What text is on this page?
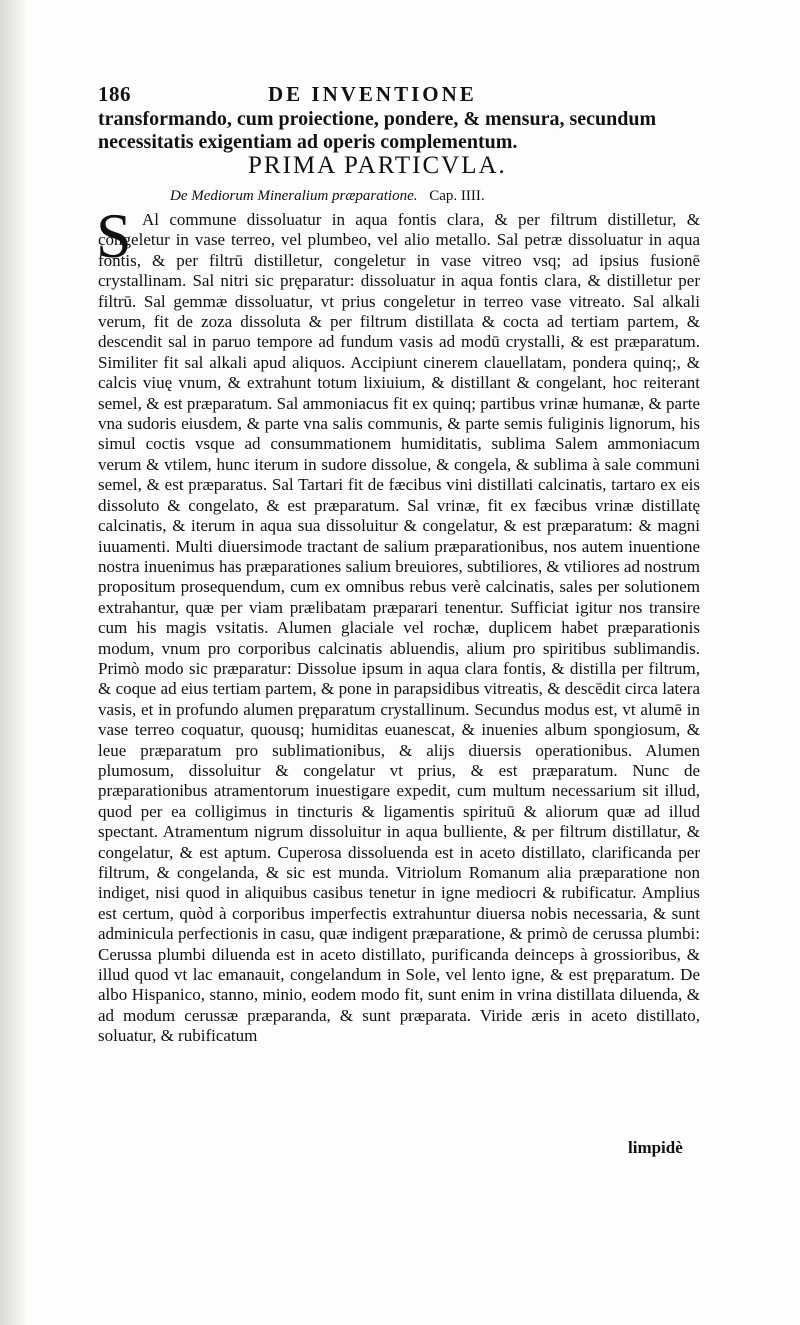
186	DE INVENTIONE
transformando, cum proiectione, pondere, & mensura, secundum necessitatis exigentiam ad operis complementum.
PRIMA PARTICVLA.
De Mediorum Mineralium præparatione. Cap. IIII.
S Al commune dissoluatur in aqua fontis clara, & per filtrum distilletur, & congeletur in vase terreo, vel plumbeo, vel alio metallo. Sal petræ dissoluatur in aqua fontis, & per filtrū distilletur, congeletur in vase vitreo vsq; ad ipsius fusionē crystallinam. Sal nitri sic pręparatur: dissoluatur in aqua fontis clara, & distilletur per filtrū. Sal gemmæ dissoluatur, vt prius congeletur in terreo vase vitreato. Sal alkali verum, fit de zoza dissoluta & per filtrum distillata & cocta ad tertiam partem, & descendit sal in paruo tempore ad fundum vasis ad modū crystalli, & est præparatum. Similiter fit sal alkali apud aliquos. Accipiunt cinerem clauellatam, pondera quinq;, & calcis viuę vnum, & extrahunt totum lixiuium, & distillant & congelant, hoc reiterant semel, & est præparatum. Sal ammoniacus fit ex quinq; partibus vrinæ humanæ, & parte vna sudoris eiusdem, & parte vna salis communis, & parte semis fuliginis lignorum, his simul coctis vsque ad consummationem humiditatis, sublima Salem ammoniacum verum & vtilem, hunc iterum in sudore dissolue, & congela, & sublima à sale communi semel, & est præparatus. Sal Tartari fit de fæcibus vini distillati calcinatis, tartaro ex eis dissoluto & congelato, & est præparatum. Sal vrinæ, fit ex fæcibus vrinæ distillatę calcinatis, & iterum in aqua sua dissoluitur & congelatur, & est præparatum: & magni iuuamenti. Multi diuersimode tractant de salium præparationibus, nos autem inuentione nostra inuenimus has præparationes salium breuiores, subtiliores, & vtiliores ad nostrum propositum prosequendum, cum ex omnibus rebus verè calcinatis, sales per solutionem extrahantur, quæ per viam prælibatam præparari tenentur. Sufficiat igitur nos transire cum his magis vsitatis. Alumen glaciale vel rochæ, duplicem habet præparationis modum, vnum pro corporibus calcinatis abluendis, alium pro spiritibus sublimandis. Primò modo sic præparatur: Dissolue ipsum in aqua clara fontis, & distilla per filtrum, & coque ad eius tertiam partem, & pone in parapsidibus vitreatis, & descēdit circa latera vasis, et in profundo alumen pręparatum crystallinum. Secundus modus est, vt alumē in vase terreo coquatur, quousq; humiditas euanescat, & inuenies album spongiosum, & leue præparatum pro sublimationibus, & alijs diuersis operationibus. Alumen plumosum, dissoluitur & congelatur vt prius, & est præparatum. Nunc de præparationibus atramentorum inuestigare expedit, cum multum necessarium sit illud, quod per ea colligimus in tincturis & ligamentis spirituū & aliorum quæ ad illud spectant. Atramentum nigrum dissoluitur in aqua bulliente, & per filtrum distillatur, & congelatur, & est aptum. Cuperosa dissoluenda est in aceto distillato, clarificanda per filtrum, & congelanda, & sic est munda. Vitriolum Romanum alia præparatione non indiget, nisi quod in aliquibus casibus tenetur in igne mediocri & rubificatur. Amplius est certum, quòd à corporibus imperfectis extrahuntur diuersa nobis necessaria, & sunt adminicula perfectionis in casu, quæ indigent præparatione, & primò de cerussa plumbi: Cerussa plumbi diluenda est in aceto distillato, purificanda deinceps à grossioribus, & illud quod vt lac emanauit, congelandum in Sole, vel lento igne, & est pręparatum. De albo Hispanico, stanno, minio, eodem modo fit, sunt enim in vrina distillata diluenda, & ad modum cerussæ præparanda, & sunt præparata. Viride æris in aceto distillato, soluatur, & rubificatum

limpidè
